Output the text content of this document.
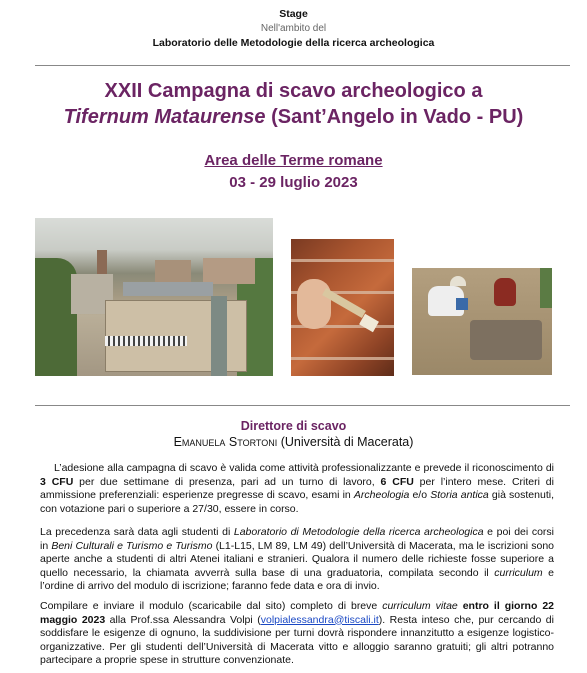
Stage
Nell'ambito del
Laboratorio delle Metodologie della ricerca archeologica
XXII Campagna di scavo archeologico a
Tifernum Mataurense (Sant’Angelo in Vado - PU)
Area delle Terme romane
03 - 29 luglio 2023
Direttore di scavo
Emanuela Stortoni (Università di Macerata)
L’adesione alla campagna di scavo è valida come attività professionalizzante e prevede il riconoscimento di 3 CFU per due settimane di presenza, pari ad un turno di lavoro, 6 CFU per l’intero mese. Criteri di ammissione preferenziali: esperienze pregresse di scavo, esami in Archeologia e/o Storia antica già sostenuti, con votazione pari o superiore a 27/30, essere in corso.
La precedenza sarà data agli studenti di Laboratorio di Metodologie della ricerca archeologica e poi dei corsi in Beni Culturali e Turismo e Turismo (L1-L15, LM 89, LM 49) dell’Università di Macerata, ma le iscrizioni sono aperte anche a studenti di altri Atenei italiani e stranieri. Qualora il numero delle richieste fosse superiore a quello necessario, la chiamata avverrà sulla base di una graduatoria, compilata secondo il curriculum e l’ordine di arrivo del modulo di iscrizione; faranno fede data e ora di invio.
Compilare e inviare il modulo (scaricabile dal sito) completo di breve curriculum vitae entro il giorno 22 maggio 2023 alla Prof.ssa Alessandra Volpi (volpialessandra@tiscali.it). Resta inteso che, pur cercando di soddisfare le esigenze di ognuno, la suddivisione per turni dovrà rispondere innanzitutto a esigenze logistico-organizzative. Per gli studenti dell’Università di Macerata vitto e alloggio saranno gratuiti; gli altri potranno partecipare a proprie spese in strutture convenzionate.
